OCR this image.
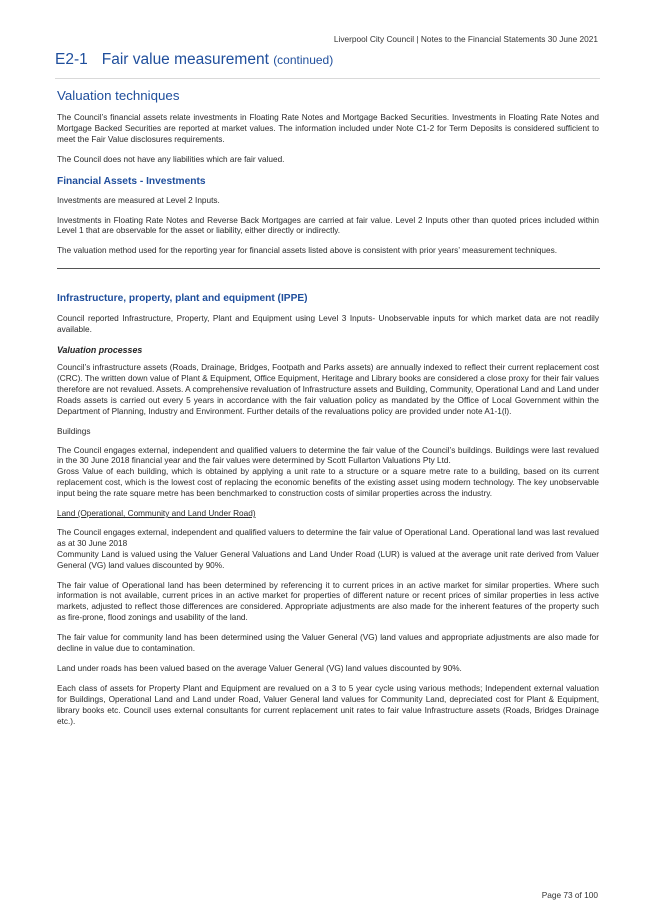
Liverpool City Council | Notes to the Financial Statements 30 June 2021
E2-1 Fair value measurement (continued)
Valuation techniques

The Council’s financial assets relate investments in Floating Rate Notes and Mortgage Backed Securities. Investments in Floating Rate Notes and Mortgage Backed Securities are reported at market values. The information included under Note C1-2 for Term Deposits is considered sufficient to meet the Fair Value disclosures requirements.

The Council does not have any liabilities which are fair valued.

Financial Assets - Investments

Investments are measured at Level 2 Inputs.

Investments in Floating Rate Notes and Reverse Back Mortgages are carried at fair value. Level 2 Inputs other than quoted prices included within Level 1 that are observable for the asset or liability, either directly or indirectly.

The valuation method used for the reporting year for financial assets listed above is consistent with prior years’ measurement techniques.

Infrastructure, property, plant and equipment (IPPE)

Council reported Infrastructure, Property, Plant and Equipment using Level 3 Inputs- Unobservable inputs for which market data are not readily available.

Valuation processes

Council’s infrastructure assets (Roads, Drainage, Bridges, Footpath and Parks assets) are annually indexed to reflect their current replacement cost (CRC). The written down value of Plant & Equipment, Office Equipment, Heritage and Library books are considered a close proxy for their fair values therefore are not revalued. Assets. A comprehensive revaluation of Infrastructure assets and Building, Community, Operational Land and Land under Roads assets is carried out every 5 years in accordance with the fair valuation policy as mandated by the Office of Local Government within the Department of Planning, Industry and Environment. Further details of the revaluations policy are provided under note A1-1(l).

Buildings

The Council engages external, independent and qualified valuers to determine the fair value of the Council’s buildings. Buildings were last revalued in the 30 June 2018 financial year and the fair values were determined by Scott Fullarton Valuations Pty Ltd.

Gross Value of each building, which is obtained by applying a unit rate to a structure or a square metre rate to a building, based on its current replacement cost, which is the lowest cost of replacing the economic benefits of the existing asset using modern technology. The key unobservable input being the rate square metre has been benchmarked to construction costs of similar properties across the industry.

Land (Operational, Community and Land Under Road)

The Council engages external, independent and qualified valuers to determine the fair value of Operational Land. Operational land was last revalued as at 30 June 2018

Community Land is valued using the Valuer General Valuations and Land Under Road (LUR) is valued at the average unit rate derived from Valuer General (VG) land values discounted by 90%.

The fair value of Operational land has been determined by referencing it to current prices in an active market for similar properties. Where such information is not available, current prices in an active market for properties of different nature or recent prices of similar properties in less active markets, adjusted to reflect those differences are considered. Appropriate adjustments are also made for the inherent features of the property such as fire-prone, flood zonings and usability of the land.

The fair value for community land has been determined using the Valuer General (VG) land values and appropriate adjustments are also made for decline in value due to contamination.

Land under roads has been valued based on the average Valuer General (VG) land values discounted by 90%.

Each class of assets for Property Plant and Equipment are revalued on a 3 to 5 year cycle using various methods; Independent external valuation for Buildings, Operational Land and Land under Road, Valuer General land values for Community Land, depreciated cost for Plant & Equipment, library books etc. Council uses external consultants for current replacement unit rates to fair value Infrastructure assets (Roads, Bridges Drainage etc.).

Page 73 of 100
